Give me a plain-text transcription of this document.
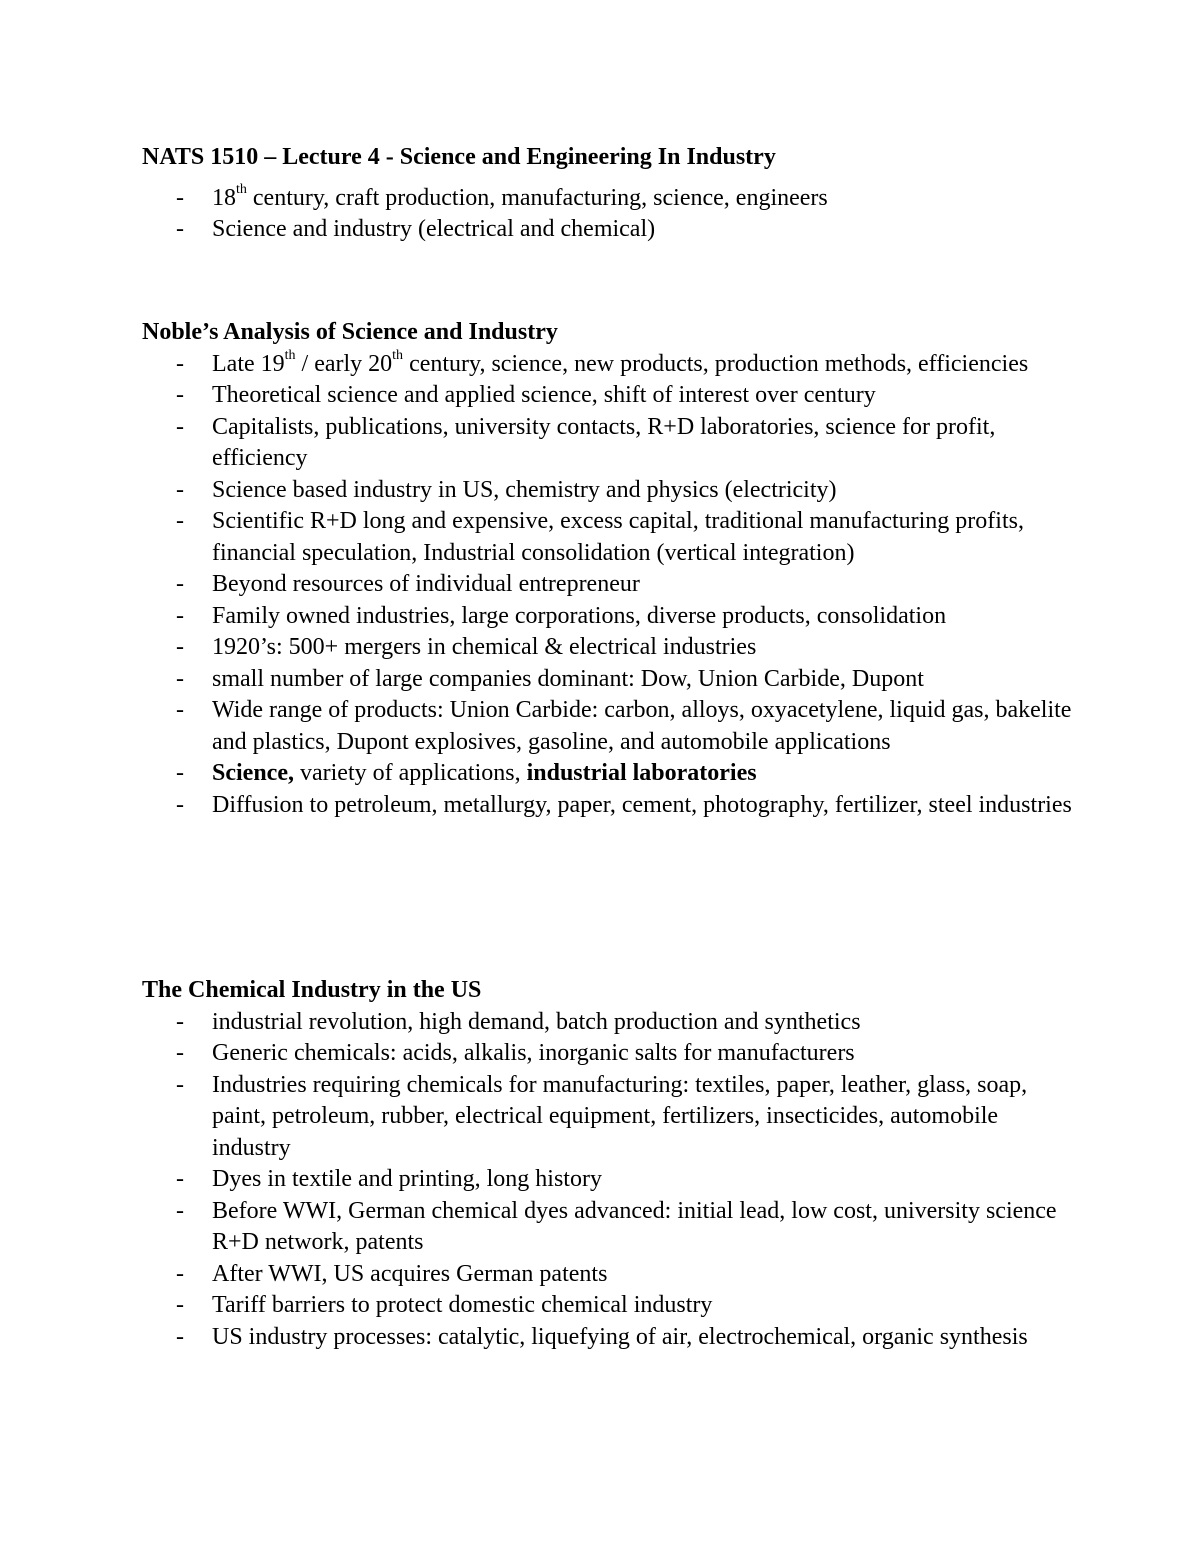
NATS 1510 – Lecture 4 - Science and Engineering In Industry

- 18th century, craft production, manufacturing, science, engineers
- Science and industry (electrical and chemical)

Noble’s Analysis of Science and Industry

- Late 19th / early 20th century, science, new products, production methods, efficiencies
- Theoretical science and applied science, shift of interest over century
- Capitalists, publications, university contacts, R+D laboratories, science for profit, efficiency
- Science based industry in US, chemistry and physics (electricity)
- Scientific R+D long and expensive, excess capital, traditional manufacturing profits, financial speculation, Industrial consolidation (vertical integration)
- Beyond resources of individual entrepreneur
- Family owned industries, large corporations, diverse products, consolidation
- 1920’s: 500+ mergers in chemical & electrical industries
- small number of large companies dominant: Dow, Union Carbide, Dupont
- Wide range of products: Union Carbide: carbon, alloys, oxyacetylene, liquid gas, bakelite and plastics, Dupont explosives, gasoline, and automobile applications
- Science, variety of applications, industrial laboratories
- Diffusion to petroleum, metallurgy, paper, cement, photography, fertilizer, steel industries

The Chemical Industry in the US

- industrial revolution, high demand, batch production and synthetics
- Generic chemicals: acids, alkalis, inorganic salts for manufacturers
- Industries requiring chemicals for manufacturing: textiles, paper, leather, glass, soap, paint, petroleum, rubber, electrical equipment, fertilizers, insecticides, automobile industry
- Dyes in textile and printing, long history
- Before WWI, German chemical dyes advanced: initial lead, low cost, university science R+D network, patents
- After WWI, US acquires German patents
- Tariff barriers to protect domestic chemical industry
- US industry processes: catalytic, liquefying of air, electrochemical, organic synthesis
